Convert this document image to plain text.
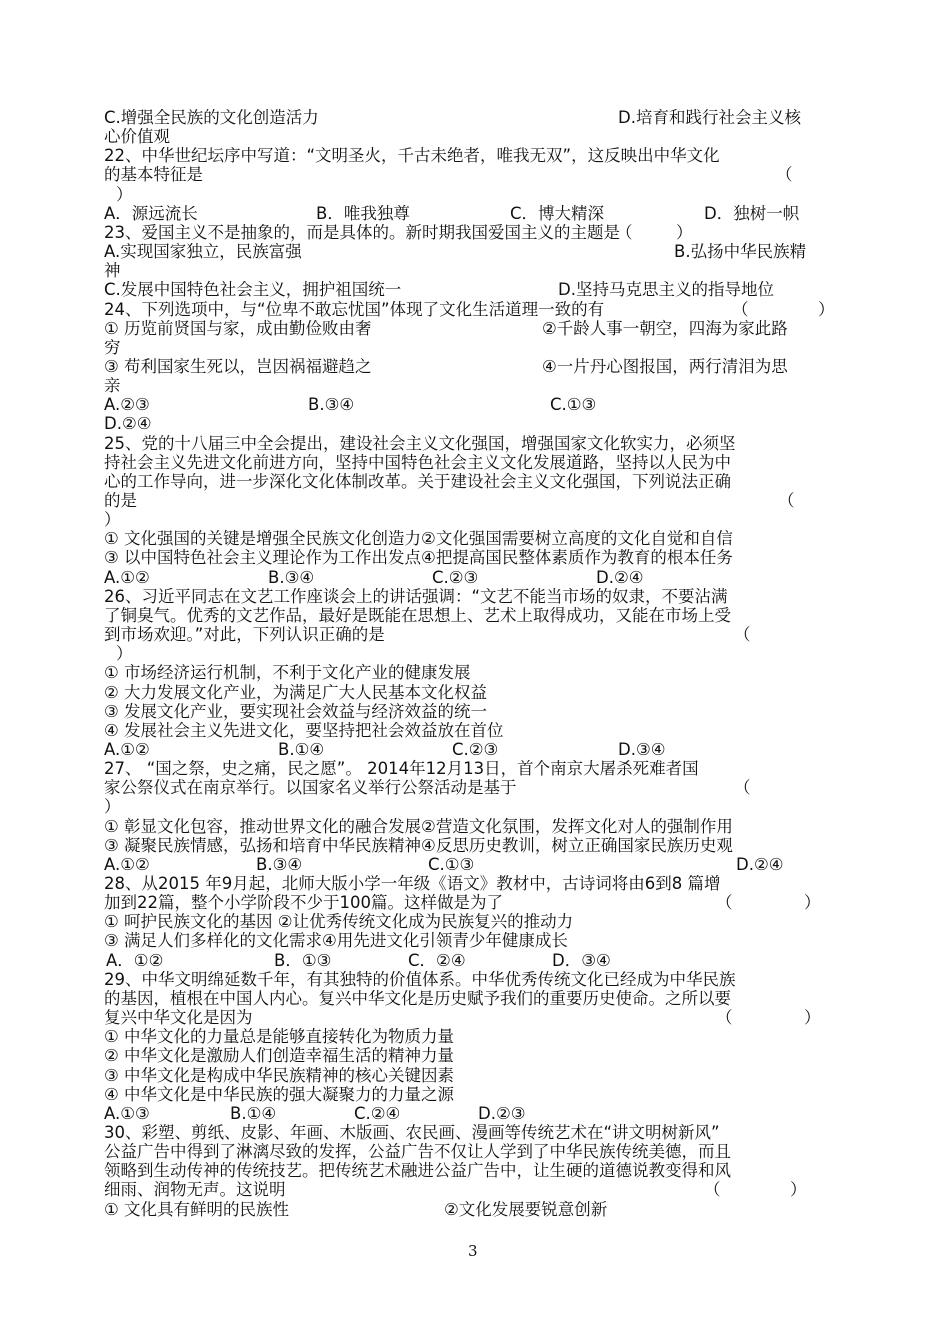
C.增强全民族的文化创造活力	D.培育和践行社会主义核
心价值观
22、中华世纪坛序中写道：“文明圣火，千古未绝者，唯我无双”，这反映出中华文化
的基本特征是	（
）
A．源远流长	B．唯我独尊	C．博大精深	D．独树一帜
23、爱国主义不是抽象的，而是具体的。新时期我国爱国主义的主题是
（	）
A.实现国家独立，民族富强	B.弘扬中华民族精
神
C.发展中国特色社会主义，拥护祖国统一	D.坚持马克思主义的指导地位
24、下列选项中，与“位卑不敢忘忧国”体现了文化生活道理一致的有	（	）
① 历览前贤国与家，成由勤俭败由奢	②千龄人事一朝空，四海为家此路
穷
③ 苟利国家生死以，岂因祸福避趋之	④一片丹心图报国，两行清泪为思
亲
A.②③	B.③④	C.①③
D.②④
25、党的十八届三中全会提出，建设社会主义文化强国，增强国家文化软实力，必须坚
持社会主义先进文化前进方向，坚持中国特色社会主义文化发展道路，坚持以人民为中
心的工作导向，进一步深化文化体制改革。关于建设社会主义文化强国，下列说法正确
的是	（
）
① 文化强国的关键是增强全民族文化创造力②文化强国需要树立高度的文化自觉和自信
③ 以中国特色社会主义理论作为工作出发点④把提高国民整体素质作为教育的根本任务
A.①②	B.③④	C.②③	D.②④
26、习近平同志在文艺工作座谈会上的讲话强调：“文艺不能当市场的奴隶，不要沾满
了铜臭气。优秀的文艺作品，最好是既能在思想上、艺术上取得成功，又能在市场上受
到市场欢迎。”对此，下列认识正确的是	（
）
① 市场经济运行机制，不利于文化产业的健康发展
② 大力发展文化产业，为满足广大人民基本文化权益
③ 发展文化产业，要实现社会效益与经济效益的统一
④ 发展社会主义先进文化，要坚持把社会效益放在首位
A.①②	B.①④	C.②③	D.③④
27、 “国之祭，史之痛，民之愿”。 2014年12月13日，首个南京大屠杀死难者国
家公祭仪式在南京举行。以国家名义举行公祭活动是基于	（
）
① 彰显文化包容，推动世界文化的融合发展②营造文化氛围，发挥文化对人的强制作用
③ 凝聚民族情感，弘扬和培育中华民族精神④反思历史教训，树立正确国家民族历史观
A.①②	B.③④	C.①③	D.②④
28、从2015 年9月起，北师大版小学一年级《语文》教材中，古诗词将由6到8 篇增
加到22篇，整个小学阶段不少于100篇。这样做是为了	（	）
① 呵护民族文化的基因 ②让优秀传统文化成为民族复兴的推动力
③ 满足人们多样化的文化需求④用先进文化引领青少年健康成长
A．①②	B．①③	C．②④	D．③④
29、中华文明绵延数千年，有其独特的价值体系。中华优秀传统文化已经成为中华民族
的基因，植根在中国人内心。复兴中华文化是历史赋予我们的重要历史使命。之所以要
复兴中华文化是因为	（	）
① 中华文化的力量总是能够直接转化为物质力量
② 中华文化是激励人们创造幸福生活的精神力量
③ 中华文化是构成中华民族精神的核心关键因素
④ 中华文化是中华民族的强大凝聚力的力量之源
A.①③	B.①④	C.②④	D.②③
30、彩塑、剪纸、皮影、年画、木版画、农民画、漫画等传统艺术在“讲文明树新风”
公益广告中得到了淋漓尽致的发挥，公益广告不仅让人学到了中华民族传统美德，而且
领略到生动传神的传统技艺。把传统艺术融进公益广告中，让生硬的道德说教变得和风
细雨、润物无声。这说明	（	）
① 文化具有鲜明的民族性	②文化发展要锐意创新
3
